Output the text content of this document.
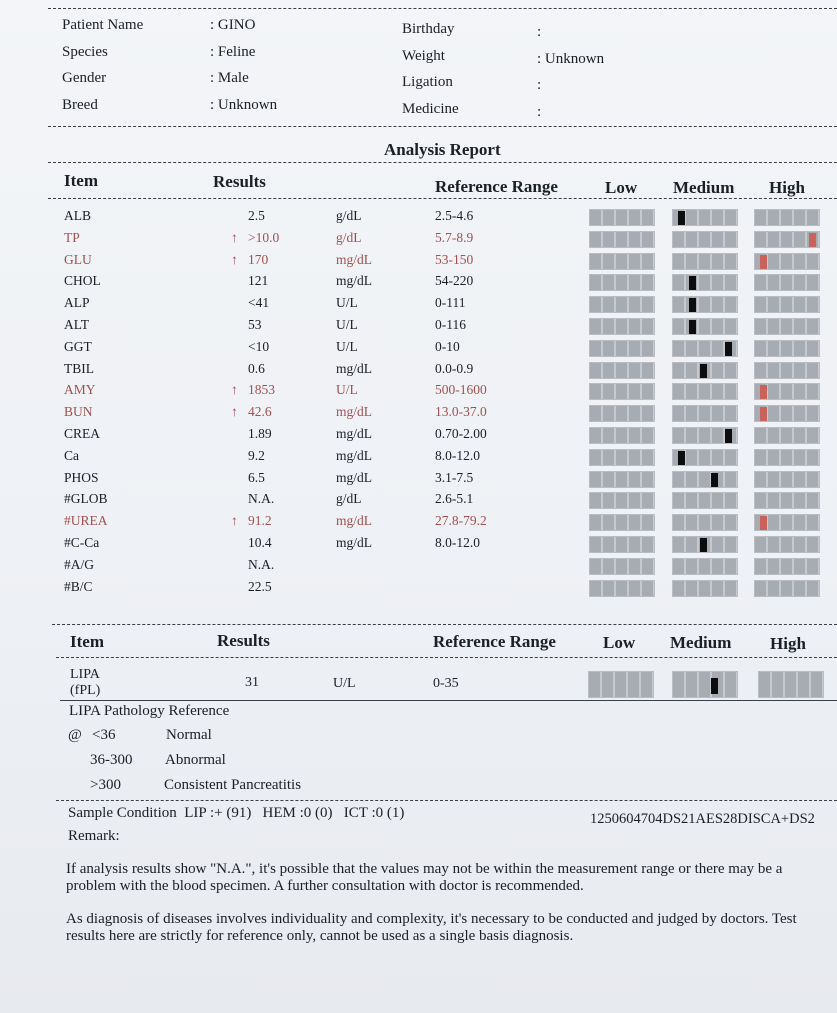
Patient Name	: GINO
Species	: Feline
Gender	: Male
Breed	: Unknown
Birthday	:
Weight	: Unknown
Ligation	:
Medicine	:
Analysis Report
Item	Results	Reference Range	Low Medium High
ALB	2.5	g/dL	2.5-4.6
TP	↑ >10.0	g/dL	5.7-8.9
GLU	↑ 170	mg/dL	53-150
CHOL	121	mg/dL	54-220
ALP	<41	U/L	0-111
ALT	53	U/L	0-116
GGT	<10	U/L	0-10
TBIL	0.6	mg/dL	0.0-0.9
AMY	↑ 1853	U/L	500-1600
BUN	↑ 42.6	mg/dL	13.0-37.0
CREA	1.89	mg/dL	0.70-2.00
Ca	9.2	mg/dL	8.0-12.0
PHOS	6.5	mg/dL	3.1-7.5
#GLOB	N.A.	g/dL	2.6-5.1
#UREA	↑ 91.2	mg/dL	27.8-79.2
#C-Ca	10.4	mg/dL	8.0-12.0
#A/G	N.A.
#B/C	22.5
Item	Results	Reference Range	Low Medium High
LIPA
(fPL)
31	U/L	0-35
LIPA Pathology Reference
@ <36	Normal
36-300 Abnormal
>300	Consistent Pancreatitis
Sample Condition  LIP :+ (91)   HEM :0 (0)   ICT :0 (1)	1250604704DS21AES28DISCA+DS2
Remark:

If analysis results show "N.A.", it's possible that the values may not be within the measurement range or there may be a problem with the blood specimen. A further consultation with doctor is recommended.

As diagnosis of diseases involves individuality and complexity, it's necessary to be conducted and judged by doctors. Test results here are strictly for reference only, cannot be used as a single basis diagnosis.
